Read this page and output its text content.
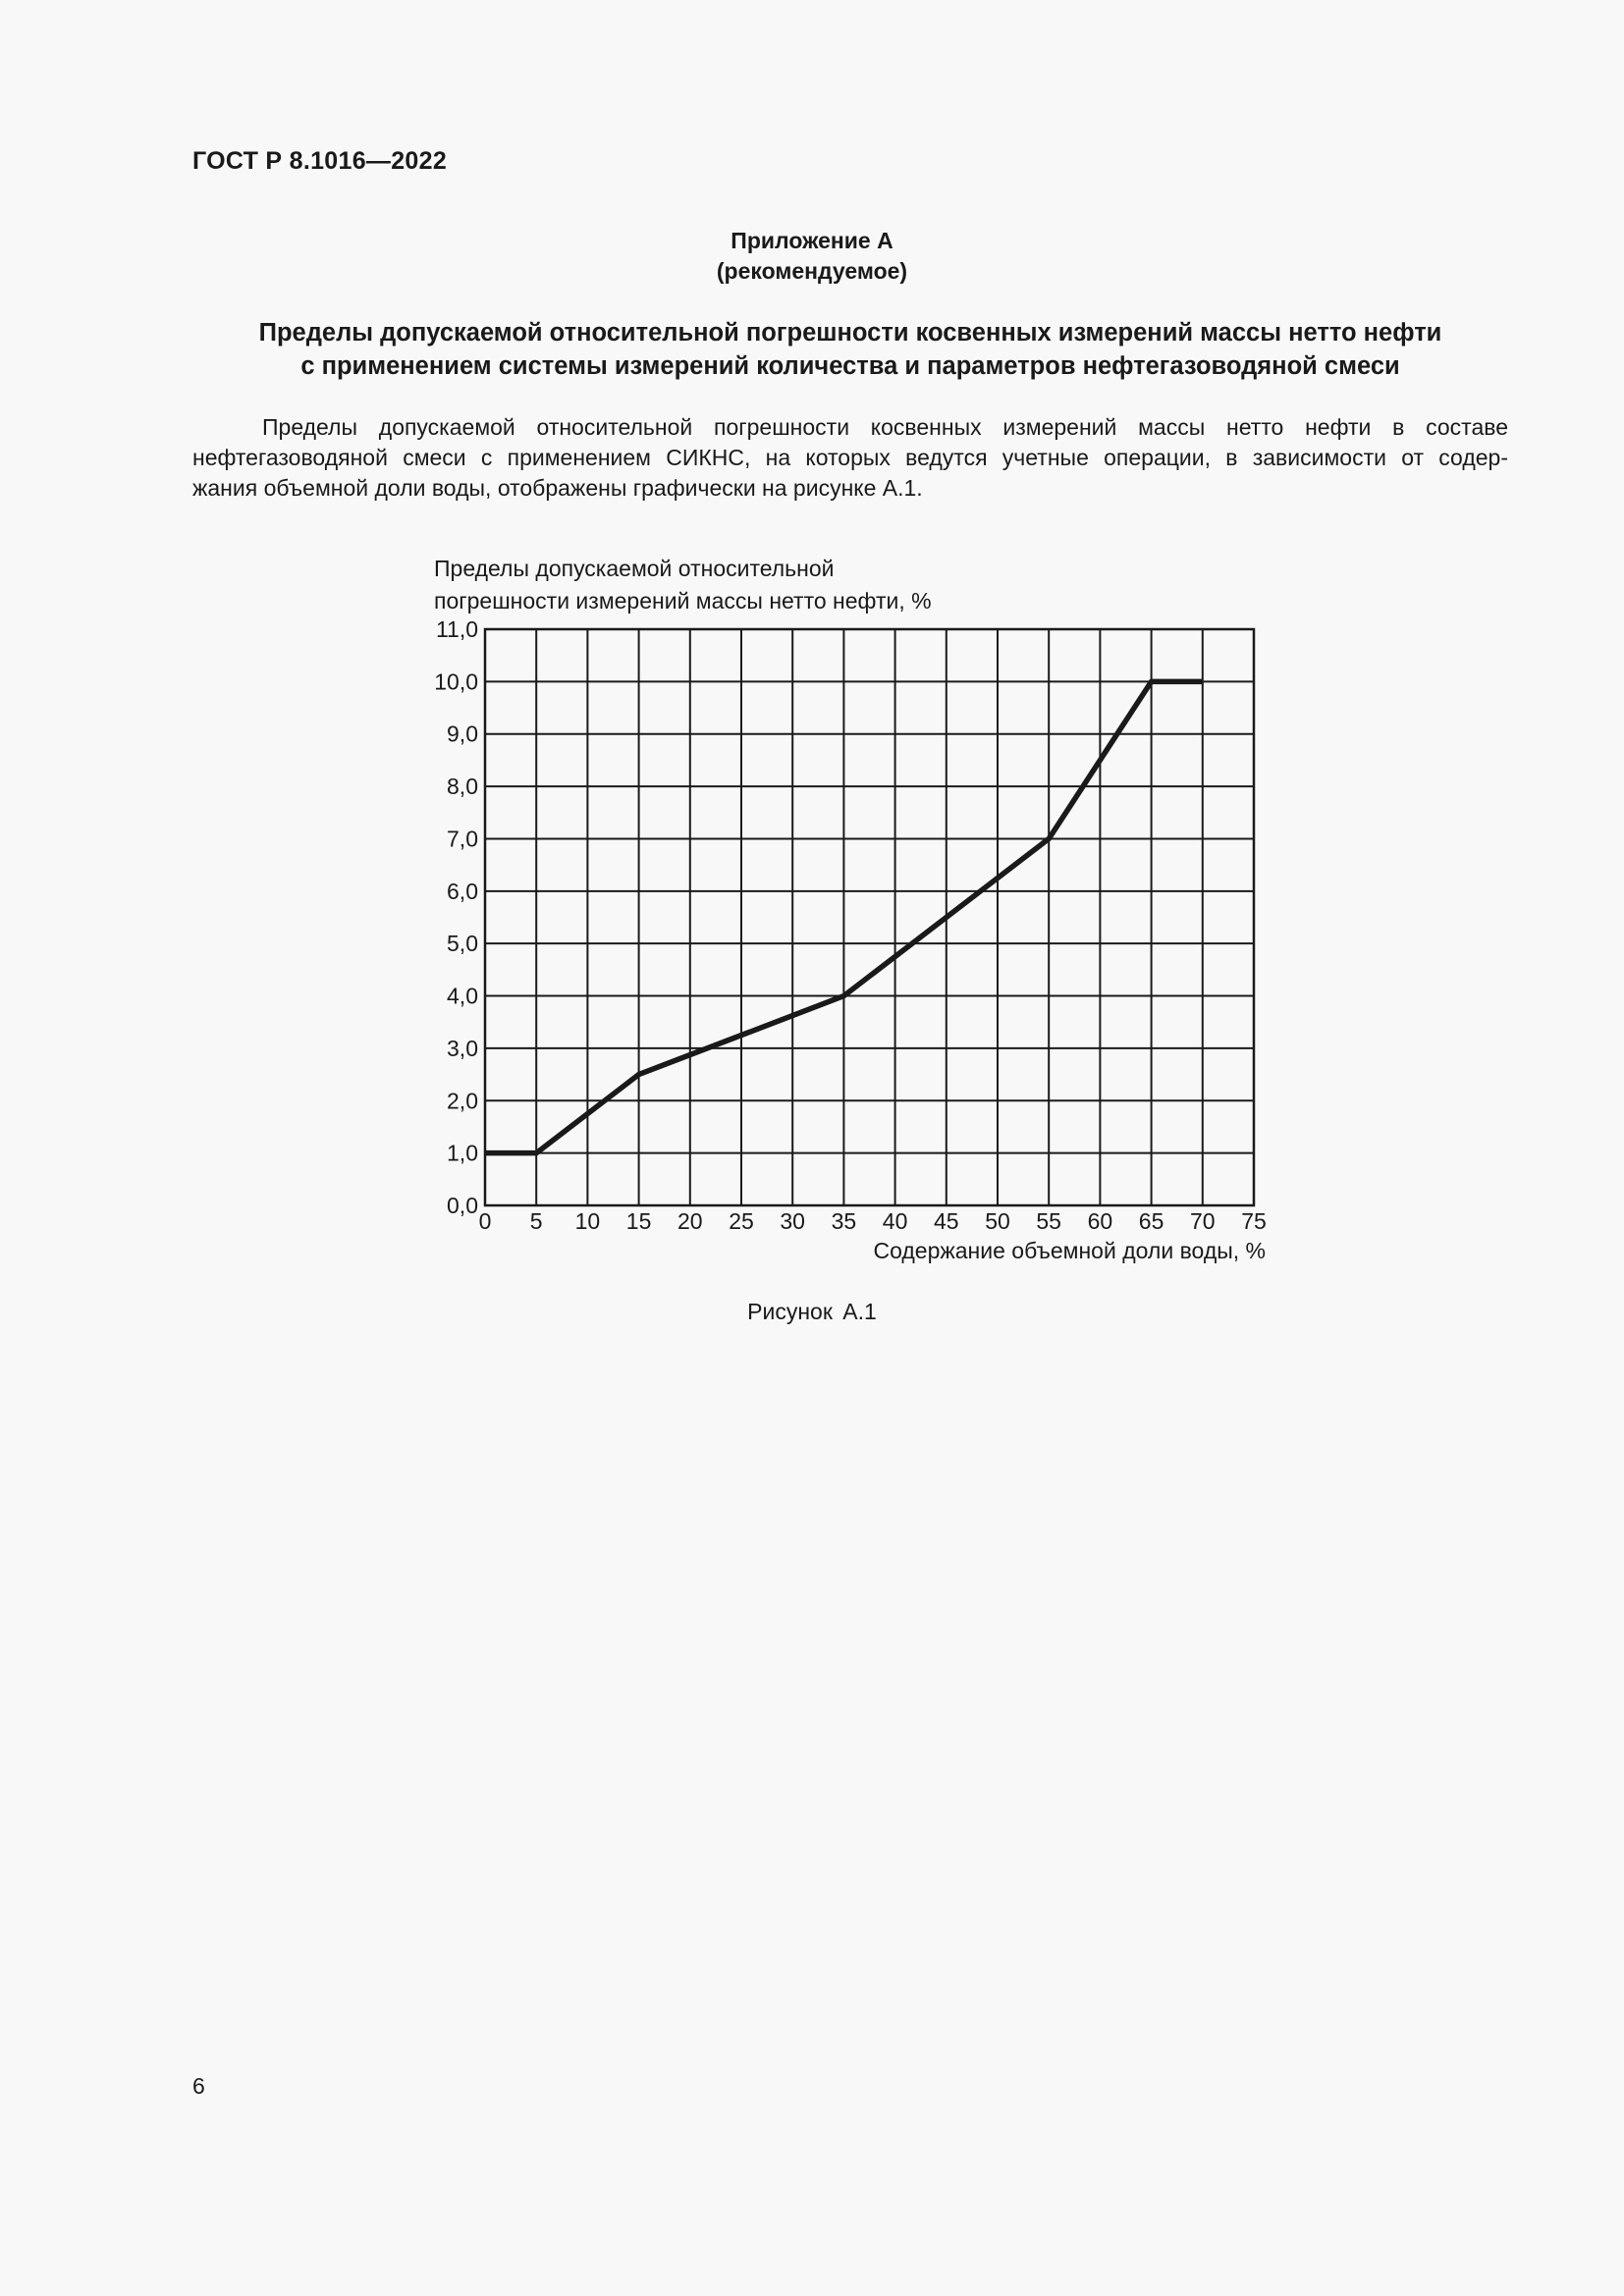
ГОСТ Р 8.1016—2022
Приложение А
(рекомендуемое)
Пределы допускаемой относительной погрешности косвенных измерений массы нетто нефти
с применением системы измерений количества и параметров нефтегазоводяной смеси
Пределы допускаемой относительной погрешности косвенных измерений массы нетто нефти в составе
нефтегазоводяной смеси с применением СИКНС, на которых ведутся учетные операции, в зависимости от содер-
жания объемной доли воды, отображены графически на рисунке А.1.
0,0
1,0
2,0
3,0
4,0
5,0
6,0
7,0
8,0
9,0
10,0
11,0
0 5 10 15 20 25 30 35 40 45 50 55 60 65 70 75
Пределы допускаемой относительной
погрешности измерений массы нетто нефти, %
Содержание объемной доли воды, %
Рисунок А.1
6
